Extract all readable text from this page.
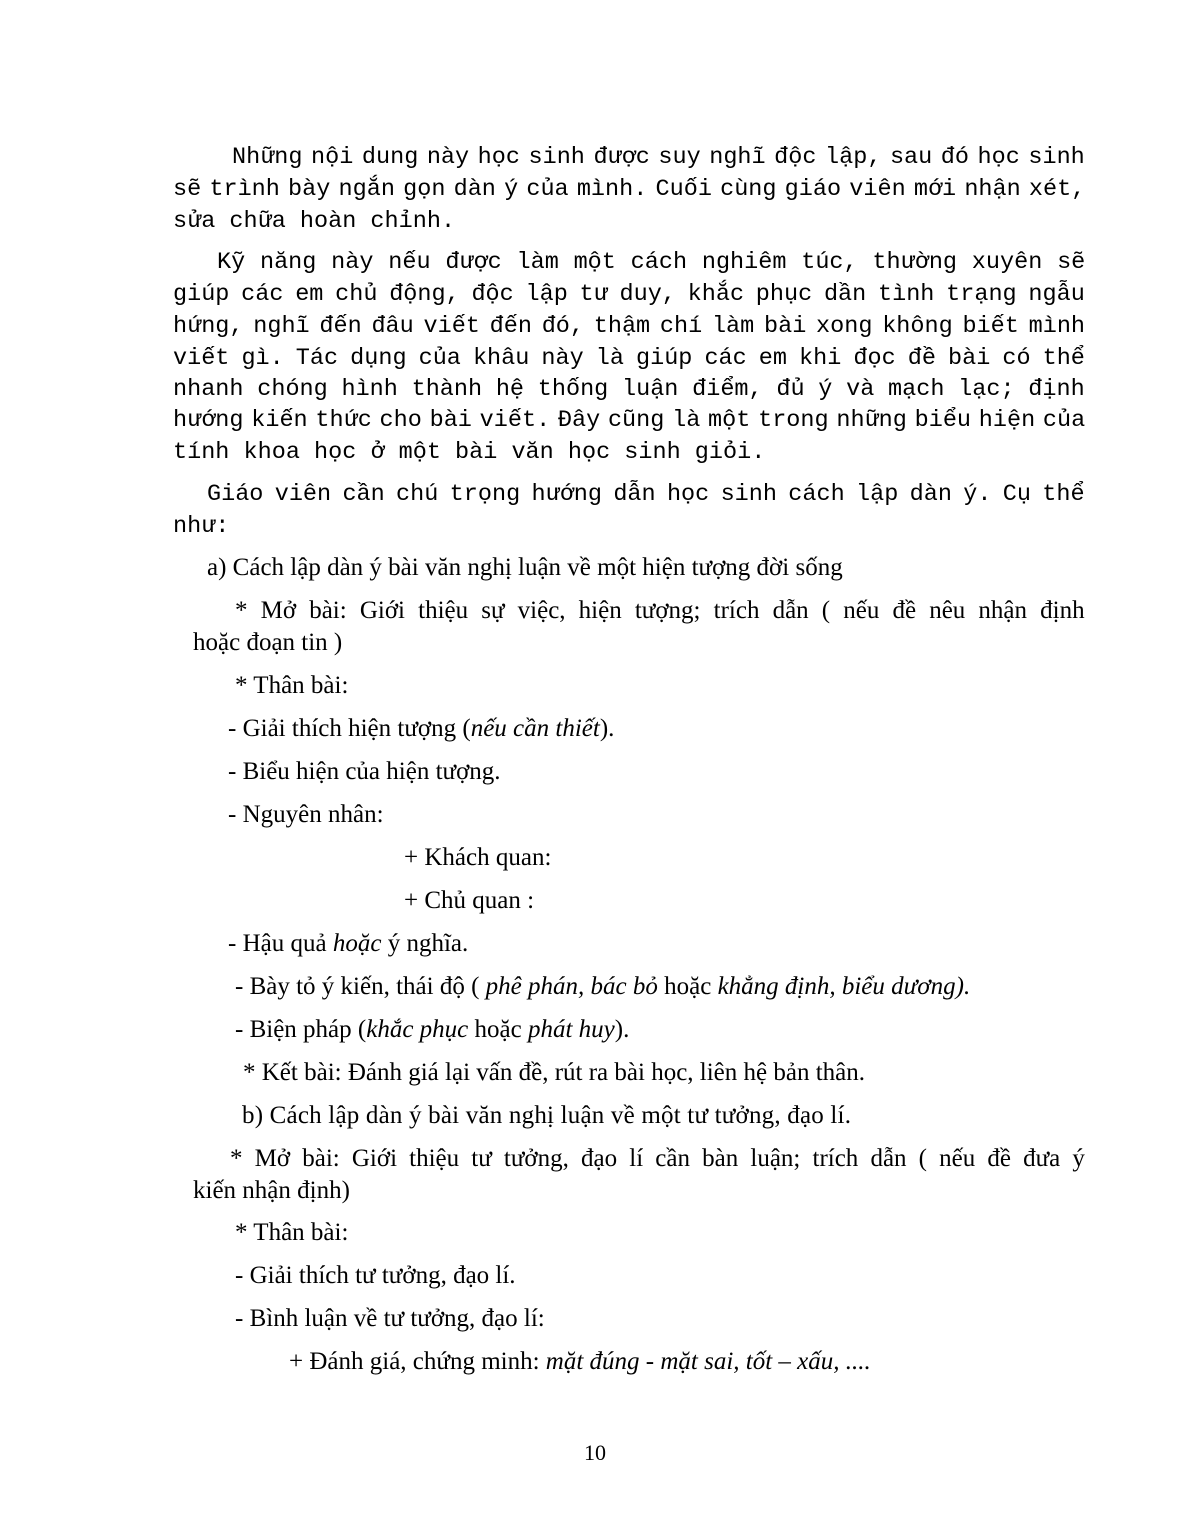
Những nội dung này học sinh được suy nghĩ độc lập, sau đó học sinh

sẽ trình bày ngắn gọn dàn ý của mình. Cuối cùng giáo viên mới nhận xét,

sửa chữa hoàn chỉnh.

Kỹ năng này nếu được làm một cách nghiêm túc, thường xuyên sẽ

giúp các em chủ động, độc lập tư duy, khắc phục dần tình trạng ngẫu

hứng, nghĩ đến đâu viết đến đó, thậm chí làm bài xong không biết mình

viết gì. Tác dụng của khâu này là giúp các em khi đọc đề bài có thể

nhanh chóng hình thành hệ thống luận điểm, đủ ý và mạch lạc; định

hướng kiến thức cho bài viết. Đây cũng là một trong những biểu hiện của

tính khoa học ở một bài văn học sinh giỏi.

Giáo viên cần chú trọng hướng dẫn học sinh cách lập dàn ý. Cụ thể

như:

a) Cách lập dàn ý bài văn nghị luận về một hiện tượng đời sống

* Mở bài: Giới thiệu sự việc, hiện tượng; trích dẫn ( nếu đề nêu nhận định

hoặc đoạn tin )

* Thân bài:

- Giải thích hiện tượng (nếu cần thiết).

- Biểu hiện của hiện tượng.

- Nguyên nhân:

+ Khách quan:

+ Chủ quan :

- Hậu quả hoặc ý nghĩa.

- Bày tỏ ý kiến, thái độ ( phê phán, bác bỏ hoặc khẳng định, biểu dương).

- Biện pháp (khắc phục hoặc phát huy).

* Kết bài: Đánh giá lại vấn đề, rút ra bài học, liên hệ bản thân.

b) Cách lập dàn ý bài văn nghị luận về một tư tưởng, đạo lí.

* Mở bài: Giới thiệu tư tưởng, đạo lí cần bàn luận; trích dẫn ( nếu đề đưa ý

kiến nhận định)

* Thân bài:

- Giải thích tư tưởng, đạo lí.

- Bình luận về tư tưởng, đạo lí:

+ Đánh giá, chứng minh: mặt đúng - mặt sai, tốt – xấu, ....

10
